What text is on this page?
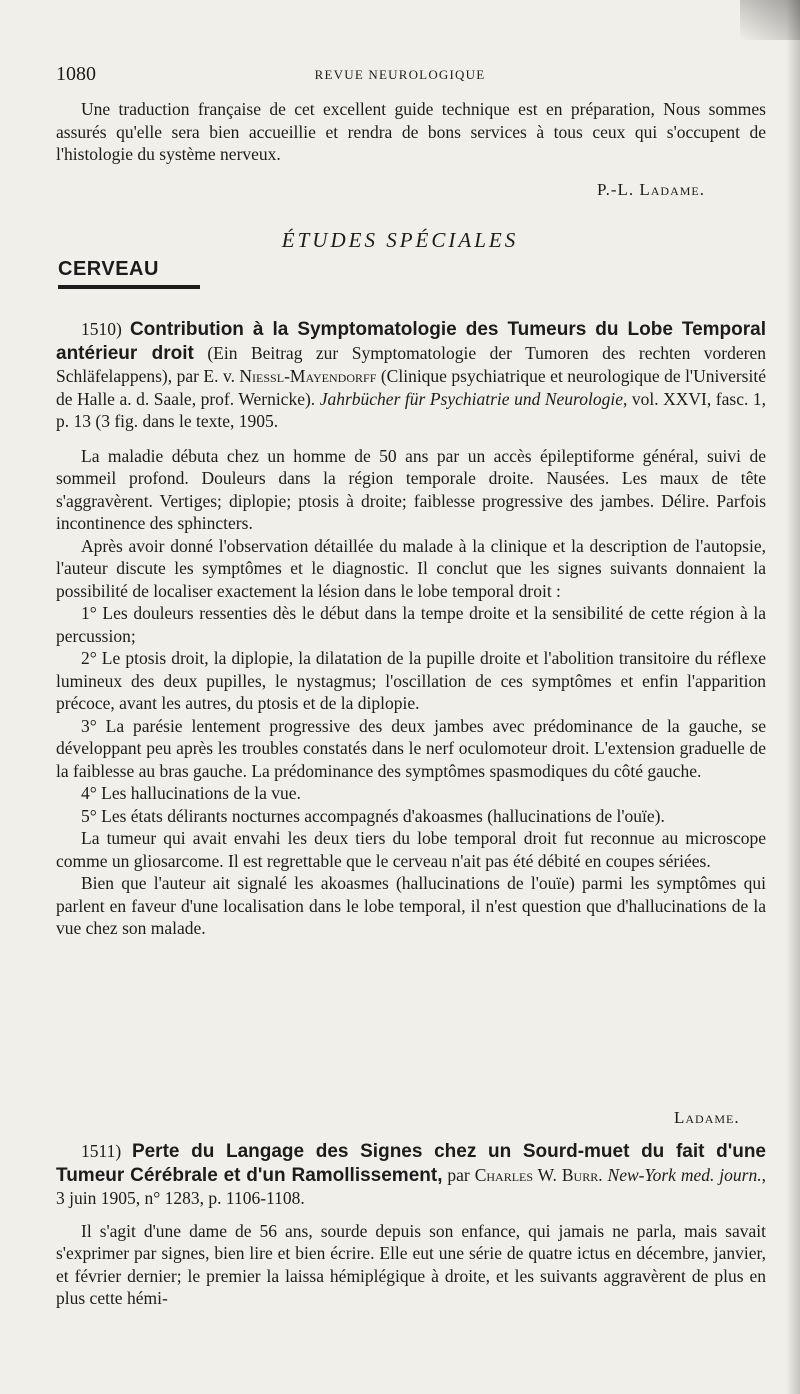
1080	REVUE NEUROLOGIQUE

Une traduction française de cet excellent guide technique est en préparation, Nous sommes assurés qu'elle sera bien accueillie et rendra de bons services à tous ceux qui s'occupent de l'histologie du système nerveux.

P.-L. Ladame.
ÉTUDES SPÉCIALES
CERVEAU

1510) Contribution à la Symptomatologie des Tumeurs du Lobe Temporal antérieur droit (Ein Beitrag zur Symptomatologie der Tumoren des rechten vorderen Schläfelappens), par E. v. Niessl-Mayendorff (Clinique psychiatrique et neurologique de l'Université de Halle a. d. Saale, prof. Wernicke). Jahrbücher für Psychiatrie und Neurologie, vol. XXVI, fasc. 1, p. 13 (3 fig. dans le texte, 1905.

La maladie débuta chez un homme de 50 ans par un accès épileptiforme général, suivi de sommeil profond. Douleurs dans la région temporale droite. Nausées. Les maux de tête s'aggravèrent. Vertiges; diplopie; ptosis à droite; faiblesse progressive des jambes. Délire. Parfois incontinence des sphincters.

Après avoir donné l'observation détaillée du malade à la clinique et la description de l'autopsie, l'auteur discute les symptômes et le diagnostic. Il conclut que les signes suivants donnaient la possibilité de localiser exactement la lésion dans le lobe temporal droit :

1° Les douleurs ressenties dès le début dans la tempe droite et la sensibilité de cette région à la percussion;

2° Le ptosis droit, la diplopie, la dilatation de la pupille droite et l'abolition transitoire du réflexe lumineux des deux pupilles, le nystagmus; l'oscillation de ces symptômes et enfin l'apparition précoce, avant les autres, du ptosis et de la diplopie.

3° La parésie lentement progressive des deux jambes avec prédominance de la gauche, se développant peu après les troubles constatés dans le nerf oculomoteur droit. L'extension graduelle de la faiblesse au bras gauche. La prédominance des symptômes spasmodiques du côté gauche.

4° Les hallucinations de la vue.

5° Les états délirants nocturnes accompagnés d'akoasmes (hallucinations de l'ouïe).

La tumeur qui avait envahi les deux tiers du lobe temporal droit fut reconnue au microscope comme un gliosarcome. Il est regrettable que le cerveau n'ait pas été débité en coupes sériées.

Bien que l'auteur ait signalé les akoasmes (hallucinations de l'ouïe) parmi les symptômes qui parlent en faveur d'une localisation dans le lobe temporal, il n'est question que d'hallucinations de la vue chez son malade.

Ladame.

1511) Perte du Langage des Signes chez un Sourd-muet du fait d'une Tumeur Cérébrale et d'un Ramollissement, par Charles W. Burr. New-York med. journ., 3 juin 1905, n° 1283, p. 1106-1108.

Il s'agit d'une dame de 56 ans, sourde depuis son enfance, qui jamais ne parla, mais savait s'exprimer par signes, bien lire et bien écrire. Elle eut une série de quatre ictus en décembre, janvier, et février dernier; le premier la laissa hémiplégique à droite, et les suivants aggravèrent de plus en plus cette hémi-
